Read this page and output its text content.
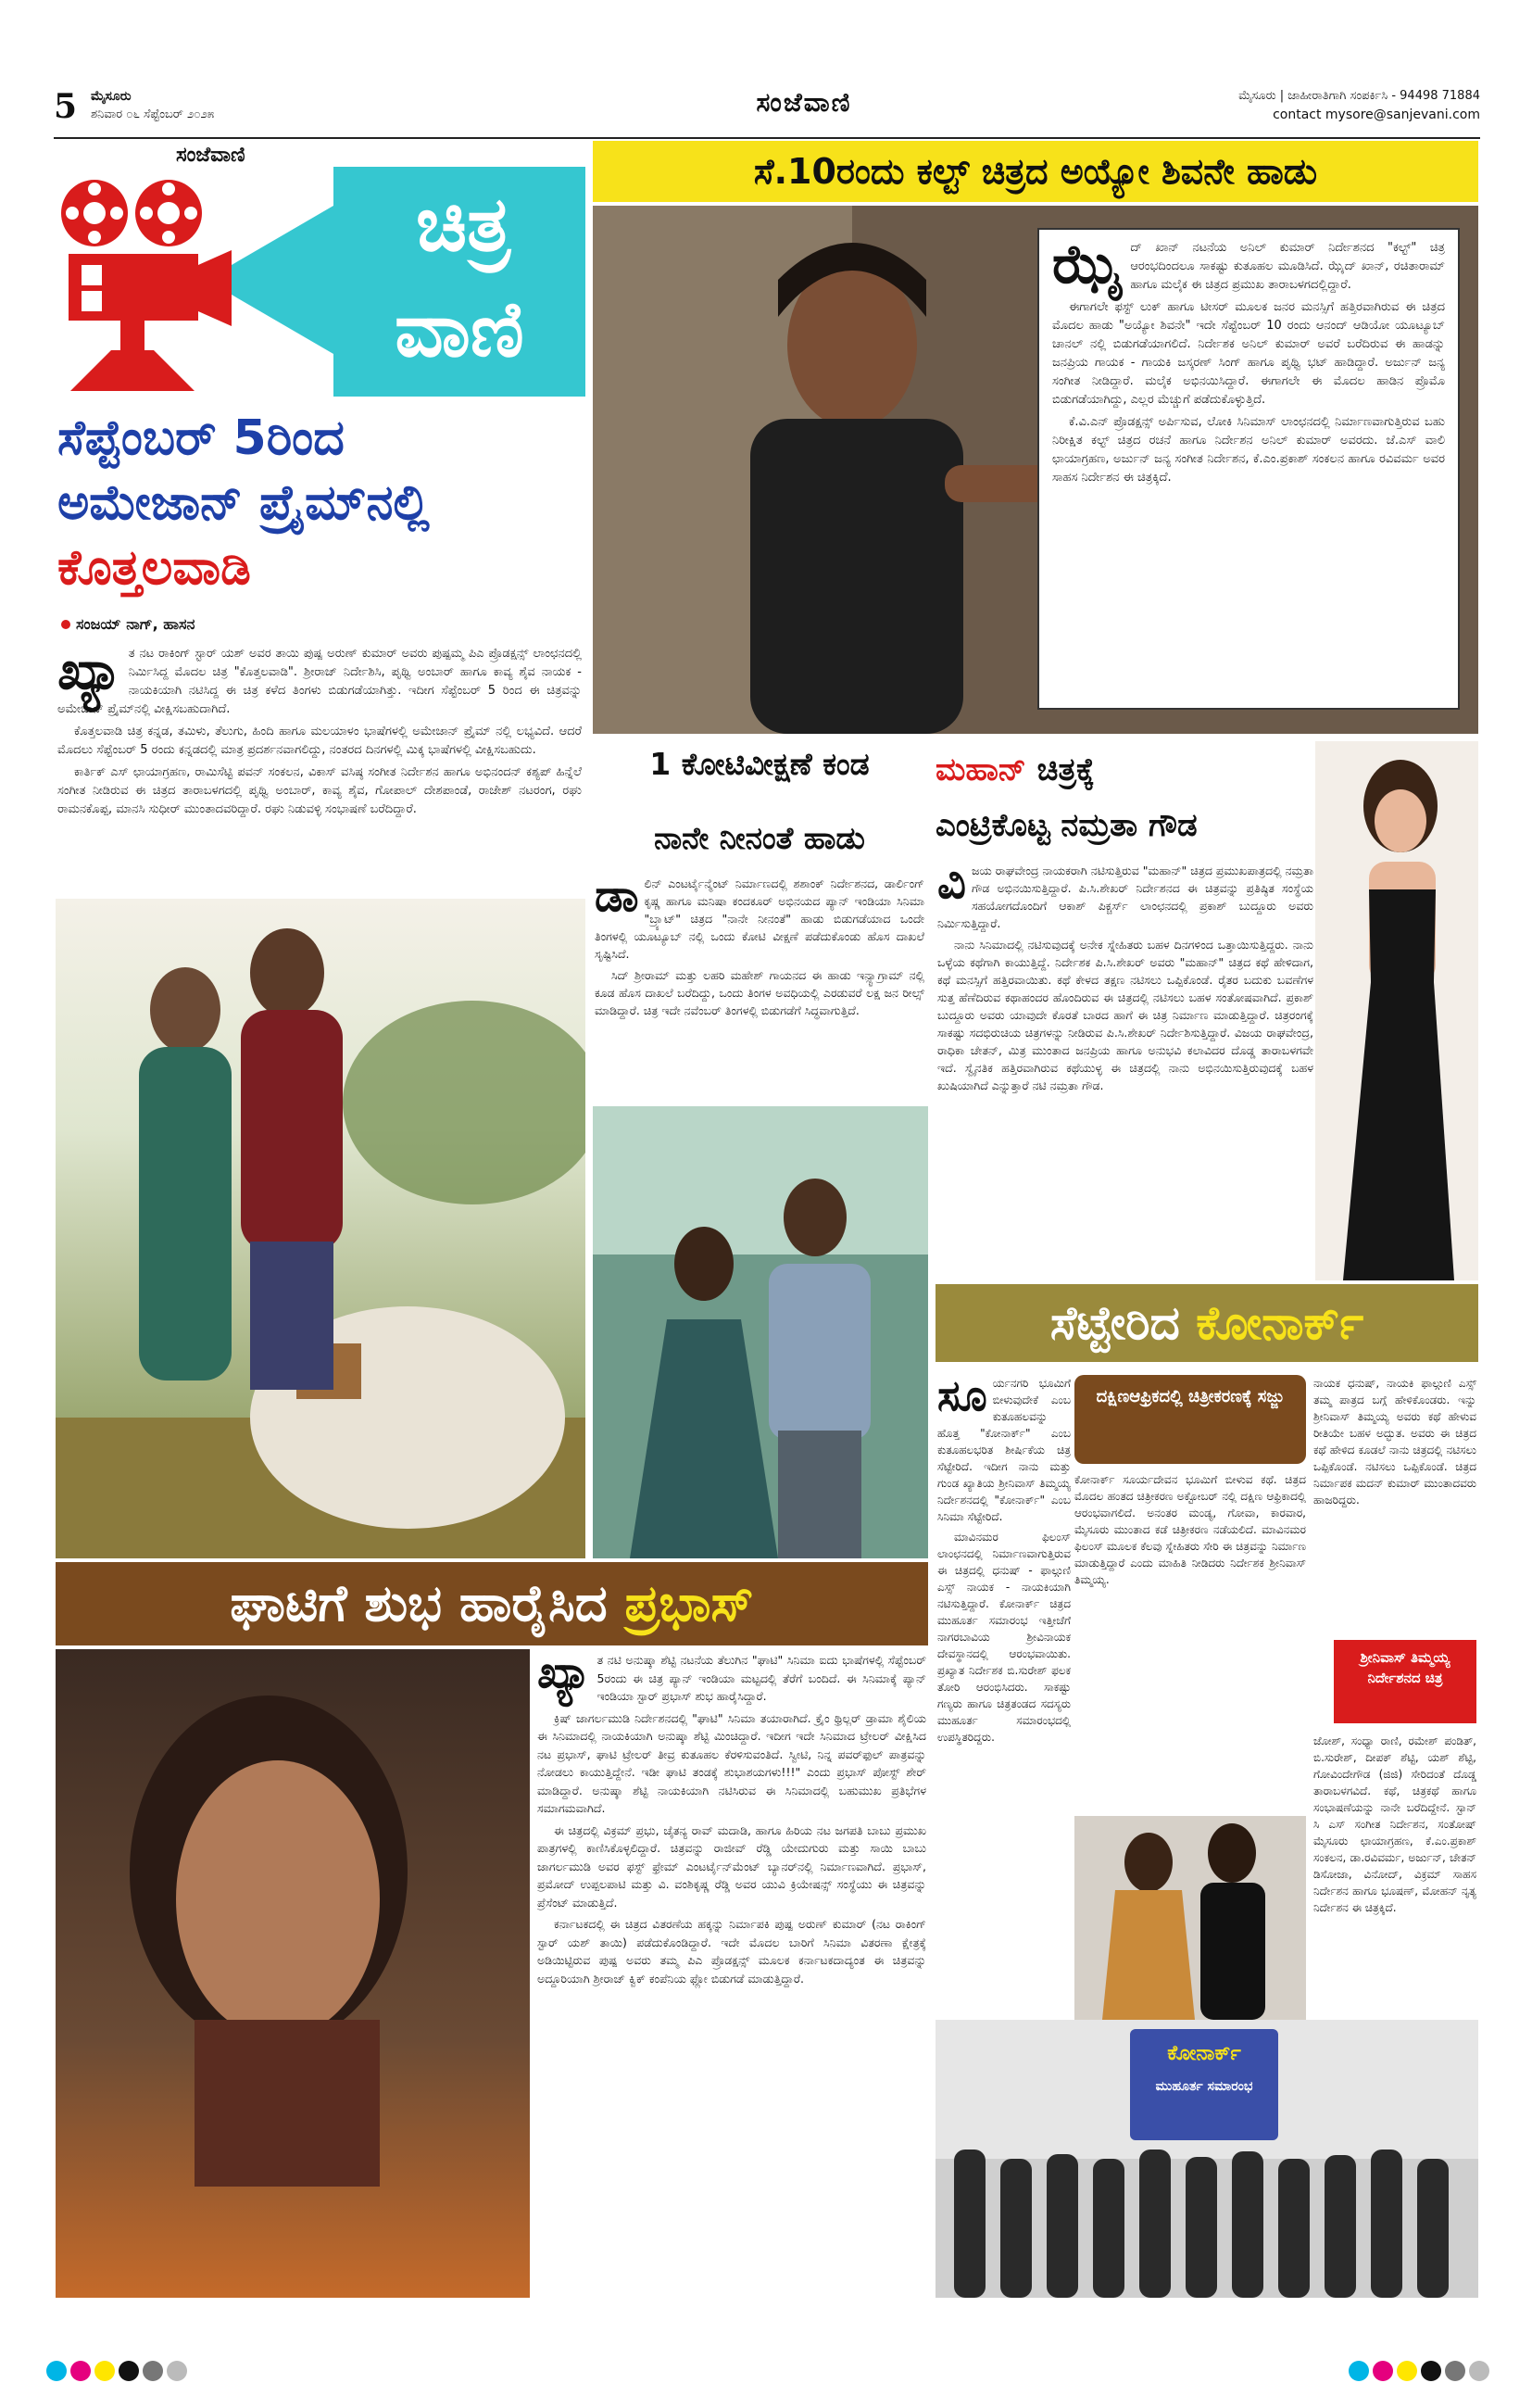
5 ಮೈಸೂರು
ಶನಿವಾರ ೦೬ ಸೆಪ್ಟೆಂಬರ್ ೨೦೨೫	ಸಂಜೆವಾಣಿ	ಮೈಸೂರು | ಜಾಹೀರಾತಿಗಾಗಿ ಸಂಪರ್ಕಿಸಿ - 94498 71884
contact mysore@sanjevani.com
ಸಂಜೆವಾಣಿ
ಚಿತ್ರ
ವಾಣಿ
ಸೆಪ್ಟೆಂಬರ್ 5ರಿಂದ
ಅಮೇಜಾನ್ ಪ್ರೈಮ್‌ನಲ್ಲಿ
ಕೊತ್ತಲವಾಡಿ
ಸಂಜಯ್ ನಾಗ್, ಹಾಸನ
ಖ್ಯಾ ತ ನಟ ರಾಕಿಂಗ್ ಸ್ಟಾರ್ ಯಶ್ ಅವರ ತಾಯಿ ಪುಷ್ಪ ಅರುಣ್ ಕುಮಾರ್ ಅವರು ಪುಷ್ಪಮ್ಮ ಪಿಎ ಪ್ರೊಡಕ್ಷನ್ಸ್ ಲಾಂಛನದಲ್ಲಿ ನಿರ್ಮಿಸಿದ್ದ ಮೊದಲ ಚಿತ್ರ "ಕೊತ್ತಲವಾಡಿ". ಶ್ರೀರಾಜ್ ನಿರ್ದೇಶಿಸಿ, ಪೃಥ್ವಿ ಅಂಬಾರ್ ಹಾಗೂ ಕಾವ್ಯ ಶೈವ ನಾಯಕ - ನಾಯಕಿಯಾಗಿ ನಟಿಸಿದ್ದ ಈ ಚಿತ್ರ ಕಳೆದ ತಿಂಗಳು ಬಿಡುಗಡೆಯಾಗಿತ್ತು. ಇದೀಗ ಸೆಪ್ಟೆಂಬರ್ 5 ರಿಂದ ಈ ಚಿತ್ರವನ್ನು ಅಮೇಜಾನ್ ಪ್ರೈಮ್‌ನಲ್ಲಿ ವೀಕ್ಷಿಸಬಹುದಾಗಿದೆ.

ಕೊತ್ತಲವಾಡಿ ಚಿತ್ರ ಕನ್ನಡ, ತಮಿಳು, ತೆಲುಗು, ಹಿಂದಿ ಹಾಗೂ ಮಲಯಾಳಂ ಭಾಷೆಗಳಲ್ಲಿ ಅಮೇಜಾನ್ ಪ್ರೈಮ್ ನಲ್ಲಿ ಲಭ್ಯವಿದೆ. ಆದರೆ ಮೊದಲು ಸೆಪ್ಟೆಂಬರ್ 5 ರಂದು ಕನ್ನಡದಲ್ಲಿ ಮಾತ್ರ ಪ್ರದರ್ಶನವಾಗಲಿದ್ದು, ನಂತರದ ದಿನಗಳಲ್ಲಿ ಮಿಕ್ಕ ಭಾಷೆಗಳಲ್ಲಿ ವೀಕ್ಷಿಸಬಹುದು.

ಕಾರ್ತಿಕ್ ಎಸ್ ಛಾಯಾಗ್ರಹಣ, ರಾಮಿಸೆಟ್ಟಿ ಪವನ್ ಸಂಕಲನ, ವಿಕಾಸ್ ವಸಿಷ್ಠ ಸಂಗೀತ ನಿರ್ದೇಶನ ಹಾಗೂ ಅಭಿನಂದನ್ ಕಶ್ಯಪ್ ಹಿನ್ನೆಲೆ ಸಂಗೀತ ನೀಡಿರುವ ಈ ಚಿತ್ರದ ತಾರಾಬಳಗದಲ್ಲಿ ಪೃಥ್ವಿ ಅಂಬಾರ್, ಕಾವ್ಯ ಶೈವ, ಗೋಪಾಲ್ ದೇಶಪಾಂಡೆ, ರಾಜೇಶ್ ನಟರಂಗ, ರಘು ರಾಮನಕೊಪ್ಪ, ಮಾನಸಿ ಸುಧೀರ್ ಮುಂತಾದವರಿದ್ದಾರೆ. ರಘು ನಿಡುವಳ್ಳಿ ಸಂಭಾಷಣೆ ಬರೆದಿದ್ದಾರೆ.

ಸೆ.10ರಂದು ಕಲ್ಟ್ ಚಿತ್ರದ ಅಯ್ಯೋ ಶಿವನೇ ಹಾಡು
ಝೈ ದ್ ಖಾನ್ ನಟನೆಯ ಅನಿಲ್ ಕುಮಾರ್ ನಿರ್ದೇಶನದ "ಕಲ್ಟ್" ಚಿತ್ರ ಆರಂಭದಿಂದಲೂ ಸಾಕಷ್ಟು ಕುತೂಹಲ ಮೂಡಿಸಿದೆ. ಝೈದ್ ಖಾನ್, ರಚಿತಾರಾಮ್ ಹಾಗೂ ಮಲೈಕ ಈ ಚಿತ್ರದ ಪ್ರಮುಖ ತಾರಾಬಳಗದಲ್ಲಿದ್ದಾರೆ.

ಈಗಾಗಲೇ ಫಸ್ಟ್ ಲುಕ್ ಹಾಗೂ ಟೀಸರ್ ಮೂಲಕ ಜನರ ಮನಸ್ಸಿಗೆ ಹತ್ತಿರವಾಗಿರುವ ಈ ಚಿತ್ರದ ಮೊದಲ ಹಾಡು "ಅಯ್ಯೋ ಶಿವನೇ" ಇದೇ ಸೆಪ್ಟೆಂಬರ್ 10 ರಂದು ಆನಂದ್ ಆಡಿಯೋ ಯೂಟ್ಯೂಬ್ ಚಾನಲ್ ನಲ್ಲಿ ಬಿಡುಗಡೆಯಾಗಲಿದೆ. ನಿರ್ದೇಶಕ ಅನಿಲ್ ಕುಮಾರ್ ಅವರೆ ಬರೆದಿರುವ ಈ ಹಾಡನ್ನು ಜನಪ್ರಿಯ ಗಾಯಕ - ಗಾಯಕಿ ಜಸ್ಕರಣ್ ಸಿಂಗ್ ಹಾಗೂ ಪೃಥ್ವಿ ಭಟ್ ಹಾಡಿದ್ದಾರೆ. ಅರ್ಜುನ್ ಜನ್ಯ ಸಂಗೀತ ನೀಡಿದ್ದಾರೆ. ಮಲೈಕ ಅಭಿನಯಿಸಿದ್ದಾರೆ. ಈಗಾಗಲೇ ಈ ಮೊದಲ ಹಾಡಿನ ಪ್ರೊಮೊ ಬಿಡುಗಡೆಯಾಗಿದ್ದು, ಎಲ್ಲರ ಮೆಚ್ಚುಗೆ ಪಡೆದುಕೊಳ್ಳುತ್ತಿದೆ.

ಕೆ.ವಿ.ಎನ್ ಪ್ರೊಡಕ್ಷನ್ಸ್ ಅರ್ಪಿಸುವ, ಲೋಕಿ ಸಿನಿಮಾಸ್ ಲಾಂಛನದಲ್ಲಿ ನಿರ್ಮಾಣವಾಗುತ್ತಿರುವ ಬಹು ನಿರೀಕ್ಷಿತ ಕಲ್ಟ್ ಚಿತ್ರದ ರಚನೆ ಹಾಗೂ ನಿರ್ದೇಶನ ಅನಿಲ್ ಕುಮಾರ್ ಅವರದು. ಜೆ.ಎಸ್ ವಾಲಿ ಛಾಯಾಗ್ರಹಣ, ಅರ್ಜುನ್ ಜನ್ಯ ಸಂಗೀತ ನಿರ್ದೇಶನ, ಕೆ.ಎಂ.ಪ್ರಕಾಶ್ ಸಂಕಲನ ಹಾಗೂ ರವಿವರ್ಮ ಅವರ ಸಾಹಸ ನಿರ್ದೇಶನ ಈ ಚಿತ್ರಕ್ಕಿದೆ.

1 ಕೋಟಿವೀಕ್ಷಣೆ ಕಂಡ
ನಾನೇ ನೀನಂತೆ ಹಾಡು
ಡಾ ಲಿನ್ ಎಂಟರ್ಟೈನ್ಮೆಂಟ್ ನಿರ್ಮಾಣದಲ್ಲಿ ಶಶಾಂಕ್ ನಿರ್ದೇಶನದ, ಡಾರ್ಲಿಂಗ್ ಕೃಷ್ಣ ಹಾಗೂ ಮನಿಷಾ ಕಂದಕೂರ್ ಅಭಿನಯದ ಪ್ಯಾನ್ ಇಂಡಿಯಾ ಸಿನಿಮಾ "ಬ್ರ್ಯಾಟ್" ಚಿತ್ರದ "ನಾನೇ ನೀನಂತೆ" ಹಾಡು ಬಿಡುಗಡೆಯಾದ ಒಂದೇ ತಿಂಗಳಲ್ಲಿ ಯೂಟ್ಯೂಬ್ ನಲ್ಲಿ ಒಂದು ಕೋಟಿ ವೀಕ್ಷಣೆ ಪಡೆದುಕೊಂಡು ಹೊಸ ದಾಖಲೆ ಸೃಷ್ಟಿಸಿದೆ.

ಸಿದ್ ಶ್ರೀರಾಮ್ ಮತ್ತು ಲಹರಿ ಮಹೇಶ್ ಗಾಯನದ ಈ ಹಾಡು ಇನ್ಸ್ಟಾಗ್ರಾಮ್ ನಲ್ಲಿ ಕೂಡ ಹೊಸ ದಾಖಲೆ ಬರೆದಿದ್ದು, ಒಂದು ತಿಂಗಳ ಅವಧಿಯಲ್ಲಿ ಎರಡುವರೆ ಲಕ್ಷ ಜನ ರೀಲ್ಸ್ ಮಾಡಿದ್ದಾರೆ. ಚಿತ್ರ ಇದೇ ನವೆಂಬರ್ ತಿಂಗಳಲ್ಲಿ ಬಿಡುಗಡೆಗೆ ಸಿದ್ಧವಾಗುತ್ತಿದೆ.

ಮಹಾನ್ ಚಿತ್ರಕ್ಕೆ
ಎಂಟ್ರಿಕೊಟ್ಟ ನಮ್ರತಾ ಗೌಡ
ವಿ ಜಯ ರಾಘವೇಂದ್ರ ನಾಯಕರಾಗಿ ನಟಿಸುತ್ತಿರುವ "ಮಹಾನ್" ಚಿತ್ರದ ಪ್ರಮುಖಪಾತ್ರದಲ್ಲಿ ನಮ್ರತಾ ಗೌಡ ಅಭಿನಯಿಸುತ್ತಿದ್ದಾರೆ. ಪಿ.ಸಿ.ಶೇಖರ್ ನಿರ್ದೇಶನದ ಈ ಚಿತ್ರವನ್ನು ಪ್ರತಿಷ್ಠಿತ ಸಂಸ್ಥೆಯ ಸಹಯೋಗದೊಂದಿಗೆ ಆಕಾಶ್ ಪಿಕ್ಚರ್ಸ್ ಲಾಂಛನದಲ್ಲಿ ಪ್ರಕಾಶ್ ಬುದ್ದೂರು ಅವರು ನಿರ್ಮಿಸುತ್ತಿದ್ದಾರೆ.

ನಾನು ಸಿನಿಮಾದಲ್ಲಿ ನಟಿಸುವುದಕ್ಕೆ ಅನೇಕ ಸ್ನೇಹಿತರು ಬಹಳ ದಿನಗಳಿಂದ ಒತ್ತಾಯಿಸುತ್ತಿದ್ದರು. ನಾನು ಒಳ್ಳೆಯ ಕಥೆಗಾಗಿ ಕಾಯುತ್ತಿದ್ದೆ. ನಿರ್ದೇಶಕ ಪಿ.ಸಿ.ಶೇಖರ್ ಅವರು "ಮಹಾನ್" ಚಿತ್ರದ ಕಥೆ ಹೇಳಿದಾಗ, ಕಥೆ ಮನಸ್ಸಿಗೆ ಹತ್ತಿರವಾಯಿತು. ಕಥೆ ಕೇಳದ ತಕ್ಷಣ ನಟಿಸಲು ಒಪ್ಪಿಕೊಂಡೆ. ರೈತರ ಬದುಕು ಬವಣೆಗಳ ಸುತ್ತ ಹೆಣೆದಿರುವ ಕಥಾಹಂದರ ಹೊಂದಿರುವ ಈ ಚಿತ್ರದಲ್ಲಿ ನಟಿಸಲು ಬಹಳ ಸಂತೋಷವಾಗಿದೆ. ಪ್ರಕಾಶ್ ಬುದ್ದೂರು ಅವರು ಯಾವುದೇ ಕೊರತೆ ಬಾರದ ಹಾಗೆ ಈ ಚಿತ್ರ ನಿರ್ಮಾಣ ಮಾಡುತ್ತಿದ್ದಾರೆ. ಚಿತ್ರರಂಗಕ್ಕೆ ಸಾಕಷ್ಟು ಸದಭಿರುಚಿಯ ಚಿತ್ರಗಳನ್ನು ನೀಡಿರುವ ಪಿ.ಸಿ.ಶೇಖರ್ ನಿರ್ದೇಶಿಸುತ್ತಿದ್ದಾರೆ. ವಿಜಯ ರಾಘವೇಂದ್ರ, ರಾಧಿಕಾ ಚೇತನ್, ಮಿತ್ರ ಮುಂತಾದ ಜನಪ್ರಿಯ ಹಾಗೂ ಅನುಭವಿ ಕಲಾವಿದರ ದೊಡ್ಡ ತಾರಾಬಳಗವೇ ಇದೆ. ಸ್ವೈನತಿಕ ಹತ್ತಿರವಾಗಿರುವ ಕಥೆಯುಳ್ಳ ಈ ಚಿತ್ರದಲ್ಲಿ ನಾನು ಅಭಿನಯಿಸುತ್ತಿರುವುದಕ್ಕೆ ಬಹಳ ಖುಷಿಯಾಗಿದೆ ಎನ್ನುತ್ತಾರೆ ನಟಿ ನಮ್ರತಾ ಗೌಡ.

ಸೆಟ್ಟೇರಿದ ಕೋನಾರ್ಕ್
ದಕ್ಷಿಣಆಫ್ರಿಕದಲ್ಲಿ ಚಿತ್ರೀಕರಣಕ್ಕೆ ಸಜ್ಜು
ಸೂ ರ್ಯನಗರಿ ಭೂಮಿಗೆ ಬೀಳುವುದೇಕೆ ಎಂಬ ಕುತೂಹಲವನ್ನು ಹೊತ್ತ "ಕೋನಾರ್ಕ್" ಎಂಬ ಕುತೂಹಲಭರಿತ ಶೀರ್ಷಿಕೆಯ ಚಿತ್ರ ಸೆಟ್ಟೇರಿದೆ. ಇದೀಗ ನಾನು ಮತ್ತು ಗುಂಡ ಖ್ಯಾತಿಯ ಶ್ರೀನಿವಾಸ್ ತಿಮ್ಮಯ್ಯ ನಿರ್ದೇಶನದಲ್ಲಿ "ಕೋನಾರ್ಕ್" ಎಂಬ ಸಿನಿಮಾ ಸೆಟ್ಟೇರಿದೆ.

ಮಾವಿನಮರ ಫಿಲಂಸ್ ಲಾಂಛನದಲ್ಲಿ ನಿರ್ಮಾಣವಾಗುತ್ತಿರುವ ಈ ಚಿತ್ರದಲ್ಲಿ ಧನುಷ್ - ಫಾಲ್ಗುಣಿ ಎಸ್ಸ್ ನಾಯಕ - ನಾಯಕಿಯಾಗಿ ನಟಿಸುತ್ತಿದ್ದಾರೆ. ಕೋನಾರ್ಕ್ ಚಿತ್ರದ ಮುಹೂರ್ತ ಸಮಾರಂಭ ಇತ್ತೀಚೆಗೆ ನಾಗರಬಾವಿಯ ಶ್ರೀವಿನಾಯಕ ದೇವಸ್ಥಾನದಲ್ಲಿ ಆರಂಭವಾಯಿತು. ಪ್ರಖ್ಯಾತ ನಿರ್ದೇಶಕ ಬಿ.ಸುರೇಶ್ ಫಲಕ ತೋರಿ ಆರಂಭಿಸಿದರು. ಸಾಕಷ್ಟು ಗಣ್ಯರು ಹಾಗೂ ಚಿತ್ರತಂಡದ ಸದಸ್ಯರು ಮುಹೂರ್ತ ಸಮಾರಂಭದಲ್ಲಿ ಉಪಸ್ಥಿತರಿದ್ದರು.

ಕೋನಾರ್ಕ್ ಸೂರ್ಯದೇವನ ಭೂಮಿಗೆ ಬೀಳುವ ಕಥೆ. ಚಿತ್ರದ ಮೊದಲ ಹಂತದ ಚಿತ್ರೀಕರಣ ಅಕ್ಟೋಬರ್ ನಲ್ಲಿ ದಕ್ಷಿಣ ಆಫ್ರಿಕಾದಲ್ಲಿ ಆರಂಭವಾಗಲಿದೆ. ಅನಂತರ ಮಂಡ್ಯ, ಗೋವಾ, ಕಾರವಾರ, ಮೈಸೂರು ಮುಂತಾದ ಕಡೆ ಚಿತ್ರೀಕರಣ ನಡೆಯಲಿದೆ. ಮಾವಿನಮರ ಫಿಲಂಸ್ ಮೂಲಕ ಕೆಲವು ಸ್ನೇಹಿತರು ಸೇರಿ ಈ ಚಿತ್ರವನ್ನು ನಿರ್ಮಾಣ ಮಾಡುತ್ತಿದ್ದಾರೆ ಎಂದು ಮಾಹಿತಿ ನೀಡಿದರು ನಿರ್ದೇಶಕ ಶ್ರೀನಿವಾಸ್ ತಿಮ್ಮಯ್ಯ.

ನಾಯಕ ಧನುಷ್, ನಾಯಕಿ ಫಾಲ್ಗುಣಿ ಎಸ್ಸ್ ತಮ್ಮ ಪಾತ್ರದ ಬಗ್ಗೆ ಹೇಳಿಕೊಂಡರು. ಇನ್ನು ಶ್ರೀನಿವಾಸ್ ತಿಮ್ಮಯ್ಯ ಅವರು ಕಥೆ ಹೇಳುವ ರೀತಿಯೇ ಬಹಳ ಅದ್ಭುತ. ಅವರು ಈ ಚಿತ್ರದ ಕಥೆ ಹೇಳಿದ ಕೂಡಲೆ ನಾನು ಚಿತ್ರದಲ್ಲಿ ನಟಿಸಲು ಒಪ್ಪಿಕೊಂಡೆ. ನಟಿಸಲು ಒಪ್ಪಿಕೊಂಡೆ. ಚಿತ್ರದ ನಿರ್ಮಾಪಕ ಮದನ್ ಕುಮಾರ್ ಮುಂತಾದವರು ಹಾಜರಿದ್ದರು.

ಶ್ರೀನಿವಾಸ್ ತಿಮ್ಮಯ್ಯ ನಿರ್ದೇಶನದ ಚಿತ್ರ

ಜೋಶ್, ಸಂಧ್ಯಾ ರಾಣಿ, ರಮೇಶ್ ಪಂಡಿತ್, ಬಿ.ಸುರೇಶ್, ದೀಪಕ್ ಶೆಟ್ಟಿ, ಯಶ್ ಶೆಟ್ಟಿ, ಗೋವಿಂದೇಗೌಡ (ಜಿಜಿ) ಸೇರಿದಂತೆ ದೊಡ್ಡ ತಾರಾಬಳಗವಿದೆ. ಕಥೆ, ಚಿತ್ರಕಥೆ ಹಾಗೂ ಸಂಭಾಷಣೆಯನ್ನು ನಾನೇ ಬರೆದಿದ್ದೇನೆ. ಸ್ಟಾನ್ ಸಿ ಎಸ್ ಸಂಗೀತ ನಿರ್ದೇಶನ, ಸಂತೋಷ್ ಮೈಸೂರು ಛಾಯಾಗ್ರಹಣ, ಕೆ.ಎಂ.ಪ್ರಕಾಶ್ ಸಂಕಲನ, ಡಾ.ರವಿವರ್ಮ, ಅರ್ಜುನ್, ಚೇತನ್ ಡಿಸೋಜಾ, ವಿನೋದ್, ವಿಕ್ರಮ್ ಸಾಹಸ ನಿರ್ದೇಶನ ಹಾಗೂ ಭೂಷಣ್, ಮೋಹನ್ ನೃತ್ಯ ನಿರ್ದೇಶನ ಈ ಚಿತ್ರಕ್ಕಿದೆ.

ಕೋನಾರ್ಕ್
ಮುಹೂರ್ತ ಸಮಾರಂಭ
ಘಾಟಿಗೆ ಶುಭ ಹಾರೈಸಿದ ಪ್ರಭಾಸ್
ಖ್ಯಾ ತ ನಟಿ ಅನುಷ್ಕಾ ಶೆಟ್ಟಿ ನಟನೆಯ ತೆಲುಗಿನ "ಘಾಟಿ" ಸಿನಿಮಾ ಐದು ಭಾಷೆಗಳಲ್ಲಿ ಸೆಪ್ಟೆಂಬರ್ 5ರಂದು ಈ ಚಿತ್ರ ಪ್ಯಾನ್ ಇಂಡಿಯಾ ಮಟ್ಟದಲ್ಲಿ ತೆರೆಗೆ ಬಂದಿದೆ. ಈ ಸಿನಿಮಾಕ್ಕೆ ಪ್ಯಾನ್ ಇಂಡಿಯಾ ಸ್ಟಾರ್ ಪ್ರಭಾಸ್ ಶುಭ ಹಾರೈಸಿದ್ದಾರೆ.

ಕ್ರಿಷ್ ಜಾಗರ್ಲಮುಡಿ ನಿರ್ದೇಶನದಲ್ಲಿ "ಘಾಟಿ" ಸಿನಿಮಾ ತಯಾರಾಗಿದೆ. ಕ್ರೈಂ ಥ್ರಿಲ್ಲರ್ ಡ್ರಾಮಾ ಶೈಲಿಯ ಈ ಸಿನಿಮಾದಲ್ಲಿ ನಾಯಕಿಯಾಗಿ ಅನುಷ್ಕಾ ಶೆಟ್ಟಿ ಮಿಂಚಿದ್ದಾರೆ. ಇದೀಗ ಇದೇ ಸಿನಿಮಾದ ಟ್ರೇಲರ್ ವೀಕ್ಷಿಸಿದ ನಟ ಪ್ರಭಾಸ್, ಘಾಟಿ ಟ್ರೇಲರ್ ತೀವ್ರ ಕುತೂಹಲ ಕೆರಳಿಸುವಂತಿದೆ. ಸ್ವೀಟಿ, ನಿನ್ನ ಪವರ್‌ಫುಲ್ ಪಾತ್ರವನ್ನು ನೋಡಲು ಕಾಯುತ್ತಿದ್ದೇನೆ. ಇಡೀ ಘಾಟಿ ತಂಡಕ್ಕೆ ಶುಭಾಶಯಗಳು!!!" ಎಂದು ಪ್ರಭಾಸ್ ಪೋಸ್ಟ್ ಶೇರ್ ಮಾಡಿದ್ದಾರೆ. ಅನುಷ್ಕಾ ಶೆಟ್ಟಿ ನಾಯಕಿಯಾಗಿ ನಟಿಸಿರುವ ಈ ಸಿನಿಮಾದಲ್ಲಿ ಬಹುಮುಖ ಪ್ರತಿಭೆಗಳ ಸಮಾಗಮವಾಗಿದೆ.

ಈ ಚಿತ್ರದಲ್ಲಿ ವಿಕ್ರಮ್ ಪ್ರಭು, ಚೈತನ್ಯ ರಾವ್ ಮದಾಡಿ, ಹಾಗೂ ಹಿರಿಯ ನಟ ಜಗಪತಿ ಬಾಬು ಪ್ರಮುಖ ಪಾತ್ರಗಳಲ್ಲಿ ಕಾಣಿಸಿಕೊಳ್ಳಲಿದ್ದಾರೆ. ಚಿತ್ರವನ್ನು ರಾಜೀವ್ ರೆಡ್ಡಿ ಯೇದುಗುರು ಮತ್ತು ಸಾಯಿ ಬಾಬು ಜಾಗರ್ಲಮುಡಿ ಅವರ ಫಸ್ಟ್ ಫ್ರೇಮ್ ಎಂಟರ್ಟೈನ್‌ಮೆಂಟ್ ಬ್ಯಾನರ್‌ನಲ್ಲಿ ನಿರ್ಮಾಣವಾಗಿದೆ. ಪ್ರಭಾಸ್, ಪ್ರಮೋದ್ ಉಪ್ಪಲಪಾಟಿ ಮತ್ತು ವಿ. ವಂಶಿಕೃಷ್ಣ ರೆಡ್ಡಿ ಅವರ ಯುವಿ ಕ್ರಿಯೇಷನ್ಸ್ ಸಂಸ್ಥೆಯು ಈ ಚಿತ್ರವನ್ನು ಪ್ರೆಸೆಂಟ್ ಮಾಡುತ್ತಿದೆ.

ಕರ್ನಾಟಕದಲ್ಲಿ ಈ ಚಿತ್ರದ ವಿತರಣೆಯ ಹಕ್ಕನ್ನು ನಿರ್ಮಾಪಕಿ ಪುಷ್ಪ ಅರುಣ್ ಕುಮಾರ್ (ನಟ ರಾಕಿಂಗ್ ಸ್ಟಾರ್ ಯಶ್ ತಾಯಿ) ಪಡೆದುಕೊಂಡಿದ್ದಾರೆ. ಇದೇ ಮೊದಲ ಬಾರಿಗೆ ಸಿನಿಮಾ ವಿತರಣಾ ಕ್ಷೇತ್ರಕ್ಕೆ ಅಡಿಯಿಟ್ಟಿರುವ ಪುಷ್ಪ ಅವರು ತಮ್ಮ ಪಿಎ ಪ್ರೊಡಕ್ಷನ್ಸ್ ಮೂಲಕ ಕರ್ನಾಟಕದಾದ್ಯಂತ ಈ ಚಿತ್ರವನ್ನು ಅದ್ದೂರಿಯಾಗಿ ಶ್ರೀರಾಜ್ ಕ್ವಿಕ್ ಕಂಪೆನಿಯ ಫ್ಲೋ ಬಿಡುಗಡೆ ಮಾಡುತ್ತಿದ್ದಾರೆ.
